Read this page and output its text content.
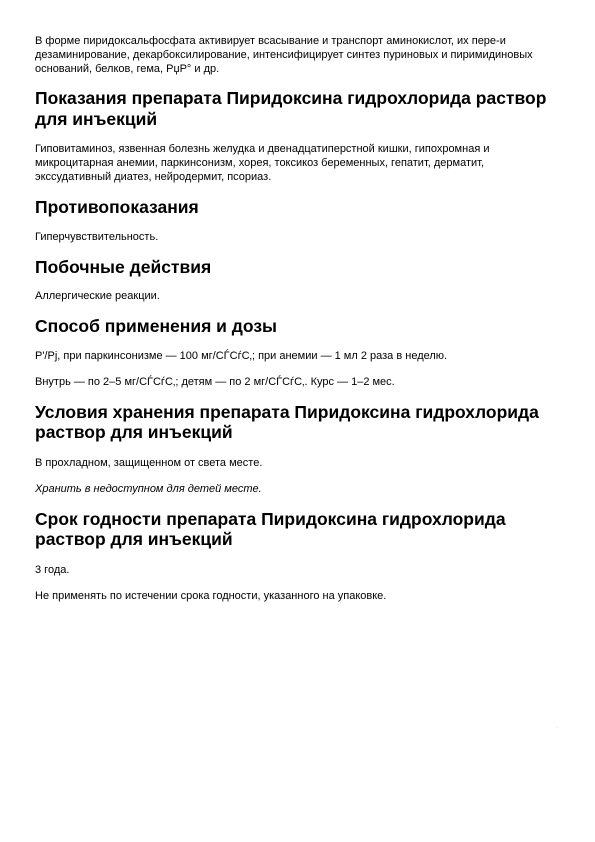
В форме пиридоксальфосфата активирует всасывание и транспорт аминокислот, их пере-и дезаминирование, декарбоксилирование, интенсифицирует синтез пуриновых и пиримидиновых оснований, белков, гема, РџР° и др.

Показания препарата Пиридоксина гидрохлорида раствор для инъекций

Гиповитаминоз, язвенная болезнь желудка и двенадцатиперстной кишки, гипохромная и микроцитарная анемии, паркинсонизм, хорея, токсикоз беременных, гепатит, дерматит, экссудативный диатез, нейродермит, псориаз.

Противопоказания

Гиперчувствительность.

Побочные действия

Аллергические реакции.

Способ применения и дозы

Р'/Рј, при паркинсонизме — 100 мг/СЃСѓС‚; при анемии — 1 мл 2 раза в неделю.

Внутрь — по 2–5 мг/СЃСѓС‚; детям — по 2 мг/СЃСѓС‚. Курс — 1–2 мес.

Условия хранения препарата Пиридоксина гидрохлорида раствор для инъекций

В прохладном, защищенном от света месте.

Хранить в недоступном для детей месте.

Срок годности препарата Пиридоксина гидрохлорида раствор для инъекций

3 года.

Не применять по истечении срока годности, указанного на упаковке.

·
